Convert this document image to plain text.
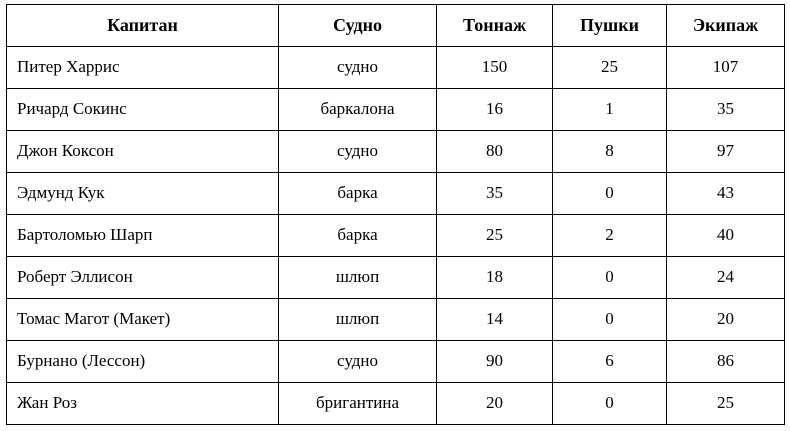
Капитан	Судно	Тоннаж	Пушки	Экипаж
Питер Харрис	судно	150	25	107
Ричард Сокинс	баркалона	16	1	35
Джон Коксон	судно	80	8	97
Эдмунд Кук	барка	35	0	43
Бартоломью Шарп	барка	25	2	40
Роберт Эллисон	шлюп	18	0	24
Томас Магот (Макет)	шлюп	14	0	20
Бурнано (Лессон)	судно	90	6	86
Жан Роз	бригантина	20	0	25
